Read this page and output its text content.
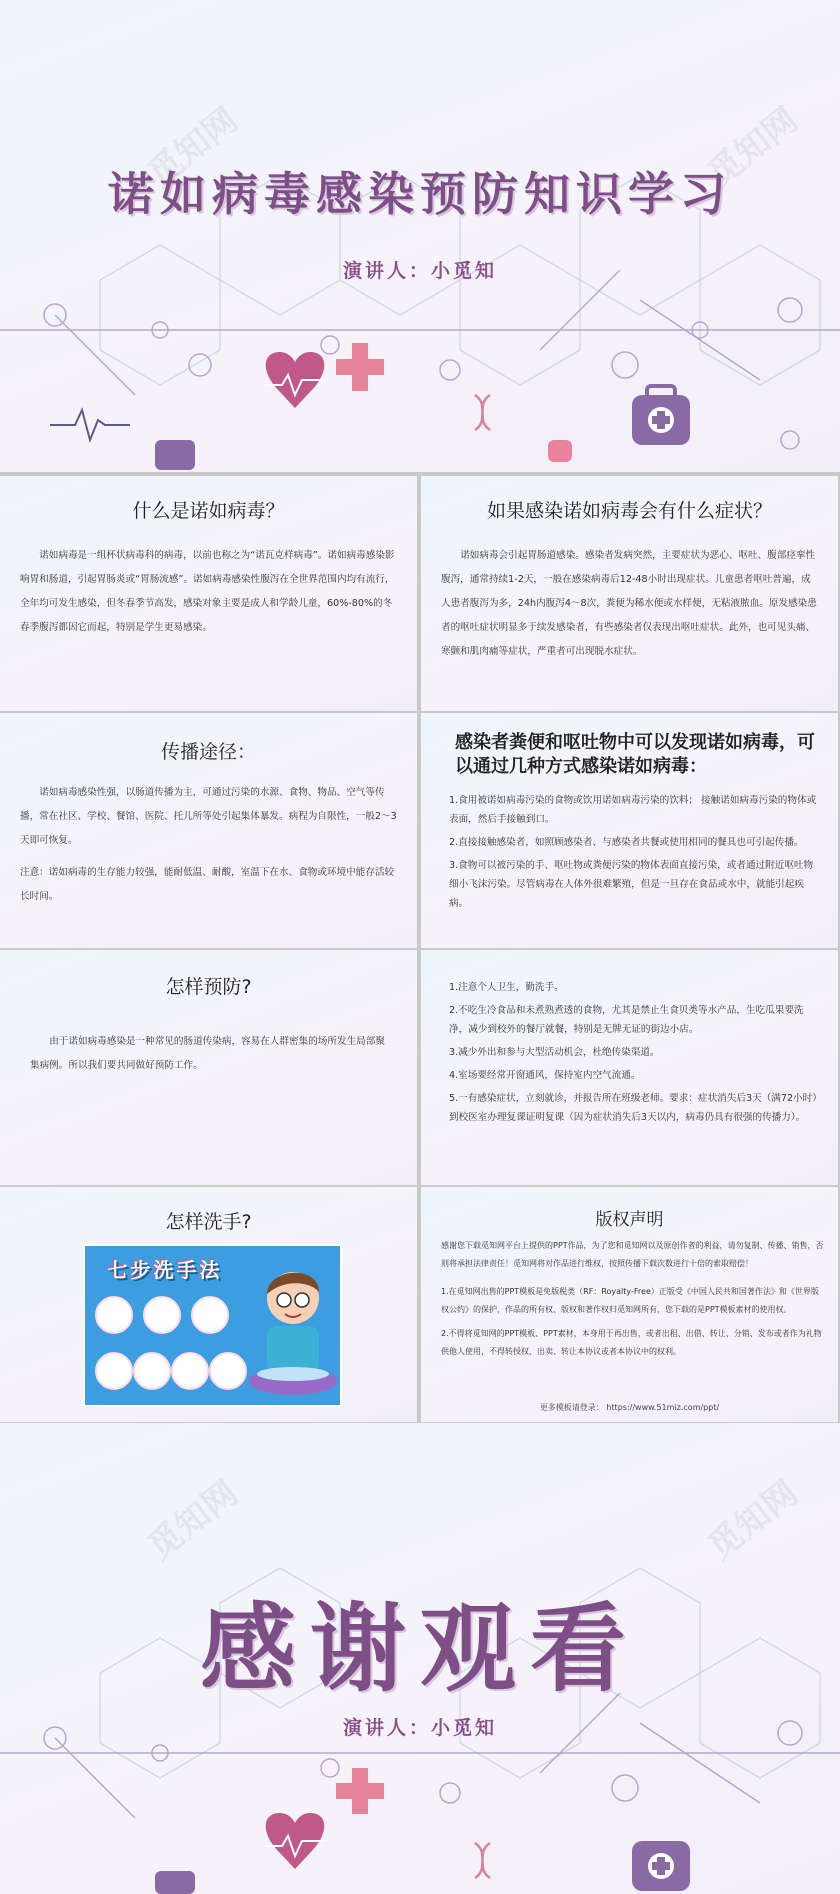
觅知网	觅知网
诺如病毒感染预防知识学习
演讲人：小觅知
什么是诺如病毒？
诺如病毒是一组杯状病毒科的病毒，以前也称之为“诺瓦克样病毒”。诺如病毒感染影响胃和肠道，引起胃肠炎或“胃肠流感”。诺如病毒感染性腹泻在全世界范围内均有流行，全年均可发生感染，但冬春季节高发，感染对象主要是成人和学龄儿童，60%-80%的冬春季腹泻都因它而起，特别是学生更易感染。
如果感染诺如病毒会有什么症状？
诺如病毒会引起胃肠道感染。感染者发病突然，主要症状为恶心、呕吐、腹部痉挛性腹泻，通常持续1-2天，一般在感染病毒后12-48小时出现症状。儿童患者呕吐普遍，成人患者腹泻为多，24h内腹泻4～8次，粪便为稀水便或水样便，无粘液脓血。原发感染患者的呕吐症状明显多于续发感染者，有些感染者仅表现出呕吐症状。此外，也可见头痛、寒颤和肌肉痛等症状，严重者可出现脱水症状。
传播途径：
诺如病毒感染性强，以肠道传播为主，可通过污染的水源、食物、物品、空气等传播，常在社区、学校、餐馆、医院、托儿所等处引起集体暴发。病程为自限性，一般2～3天即可恢复。
注意：诺如病毒的生存能力较强，能耐低温、耐酸，室温下在水、食物或环境中能存活较长时间。
感染者粪便和呕吐物中可以发现诺如病毒，可以通过几种方式感染诺如病毒：

1.食用被诺如病毒污染的食物或饮用诺如病毒污染的饮料； 接触诺如病毒污染的物体或表面，然后手接触到口。

2.直接接触感染者，如照顾感染者、与感染者共餐或使用相同的餐具也可引起传播。

3.食物可以被污染的手、呕吐物或粪便污染的物体表面直接污染，或者通过附近呕吐物细小飞沫污染。尽管病毒在人体外很难繁殖，但是一旦存在食品或水中，就能引起疾病。

怎样预防?
由于诺如病毒感染是一种常见的肠道传染病，容易在人群密集的场所发生局部聚集病例。所以我们要共同做好预防工作。

1.注意个人卫生，勤洗手。

2.不吃生冷食品和未煮熟煮透的食物，尤其是禁止生食贝类等水产品，生吃瓜果要洗净，减少到校外的餐厅就餐，特别是无牌无证的街边小店。

3.减少外出和参与大型活动机会，杜绝传染渠道。

4.室场要经常开窗通风，保持室内空气流通。

5.一有感染症状，立刻就诊，并报告所在班级老师。要求：症状消失后3天（满72小时）到校医室办理复课证明复课（因为症状消失后3天以内，病毒仍具有很强的传播力）。

怎样洗手?
七步洗手法
版权声明

感谢您下载觅知网平台上提供的PPT作品，为了您和觅知网以及原创作者的利益，请勿复制、传播、销售，否则将承担法律责任！觅知网将对作品进行维权，按照传播下载次数进行十倍的索取赔偿！

1.在觅知网出售的PPT模板是免版税类（RF：Royalty-Free）正版受《中国人民共和国著作法》和《世界版权公约》的保护，作品的所有权、版权和著作权归觅知网所有，您下载的是PPT模板素材的使用权。

2.不得将觅知网的PPT模板、PPT素材，本身用于再出售，或者出租、出借、转让、分销、发布或者作为礼物供他人使用，不得转授权、出卖、转让本协议或者本协议中的权利。

更多模板请登录： https://www.51miz.com/ppt/
觅知网	觅知网
感谢观看
演讲人：小觅知
